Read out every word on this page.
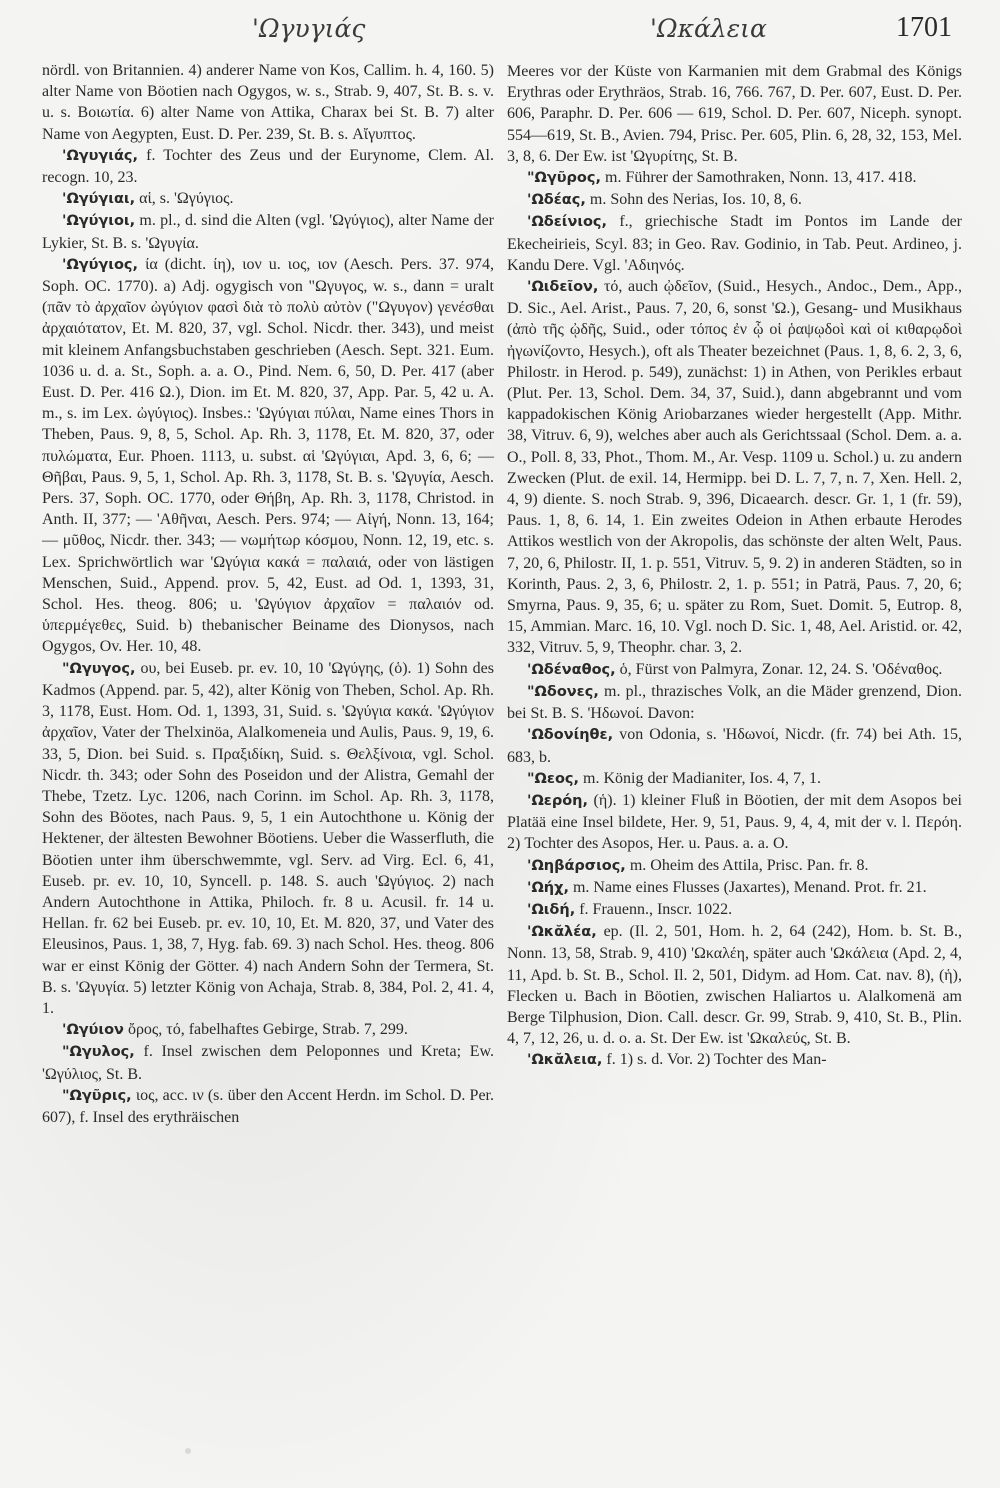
'Ωγυγιάς	'Ωκάλεια	1701

nördl. von Britannien. 4) anderer Name von Kos, Callim. h. 4, 160. 5) alter Name von Böotien nach Ogygos, w. s., Strab. 9, 407, St. B. s. v. u. s. Βοιωτία. 6) alter Name von Attika, Charax bei St. B. 7) alter Name von Aegypten, Eust. D. Per. 239, St. B. s. Αἴγυπτος.

'Ωγυγιάς, f. Tochter des Zeus und der Eurynome, Clem. Al. recogn. 10, 23.

'Ωγύγιαι, αἱ, s. 'Ωγύγιος.

'Ωγύγιοι, m. pl., d. sind die Alten (vgl. 'Ωγύγιος), alter Name der Lykier, St. B. s. 'Ωγυγία.

'Ωγύγιος, ία (dicht. ίη), ιον u. ιος, ιον (Aesch. Pers. 37. 974, Soph. OC. 1770). a) Adj. ogygisch von "Ωγυγος, w. s., dann = uralt (πᾶν τὸ ἀρχαῖον ὠγύγιον φασὶ διὰ τὸ πολὺ αὐτὸν ("Ωγυγον) γενέσθαι ἀρχαιότατον, Et. M. 820, 37, vgl. Schol. Nicdr. ther. 343), und meist mit kleinem Anfangsbuchstaben geschrieben (Aesch. Sept. 321. Eum. 1036 u. d. a. St., Soph. a. a. O., Pind. Nem. 6, 50, D. Per. 417 (aber Eust. D. Per. 416 Ω.), Dion. im Et. M. 820, 37, App. Par. 5, 42 u. A. m., s. im Lex. ὠγύγιος). Insbes.: 'Ωγύγιαι πύλαι, Name eines Thors in Theben, Paus. 9, 8, 5, Schol. Ap. Rh. 3, 1178, Et. M. 820, 37, oder πυλώματα, Eur. Phoen. 1113, u. subst. αἱ 'Ωγύγιαι, Apd. 3, 6, 6; — Θῆβαι, Paus. 9, 5, 1, Schol. Ap. Rh. 3, 1178, St. B. s. 'Ωγυγία, Aesch. Pers. 37, Soph. OC. 1770, oder Θήβη, Ap. Rh. 3, 1178, Christod. in Anth. II, 377; — 'Αθῆναι, Aesch. Pers. 974; — Αἰγή, Nonn. 13, 164; — μῦθος, Nicdr. ther. 343; — νωμήτωρ κόσμου, Nonn. 12, 19, etc. s. Lex. Sprichwörtlich war 'Ωγύγια κακά = παλαιά, oder von lästigen Menschen, Suid., Append. prov. 5, 42, Eust. ad Od. 1, 1393, 31, Schol. Hes. theog. 806; u. 'Ωγύγιον ἀρχαῖον = παλαιόν od. ὑπερμέγεθες, Suid. b) thebanischer Beiname des Dionysos, nach Ogygos, Ov. Her. 10, 48.

"Ωγυγος, ου, bei Euseb. pr. ev. 10, 10 'Ωγύγης, (ὁ). 1) Sohn des Kadmos (Append. par. 5, 42), alter König von Theben, Schol. Ap. Rh. 3, 1178, Eust. Hom. Od. 1, 1393, 31, Suid. s. 'Ωγύγια κακά. 'Ωγύγιον ἀρχαῖον, Vater der Thelxinöa, Alalkomeneia und Aulis, Paus. 9, 19, 6. 33, 5, Dion. bei Suid. s. Πραξιδίκη, Suid. s. Θελξίνοια, vgl. Schol. Nicdr. th. 343; oder Sohn des Poseidon und der Alistra, Gemahl der Thebe, Tzetz. Lyc. 1206, nach Corinn. im Schol. Ap. Rh. 3, 1178, Sohn des Böotes, nach Paus. 9, 5, 1 ein Autochthone u. König der Hektener, der ältesten Bewohner Böotiens. Ueber die Wasserfluth, die Böotien unter ihm überschwemmte, vgl. Serv. ad Virg. Ecl. 6, 41, Euseb. pr. ev. 10, 10, Syncell. p. 148. S. auch 'Ωγύγιος. 2) nach Andern Autochthone in Attika, Philoch. fr. 8 u. Acusil. fr. 14 u. Hellan. fr. 62 bei Euseb. pr. ev. 10, 10, Et. M. 820, 37, und Vater des Eleusinos, Paus. 1, 38, 7, Hyg. fab. 69. 3) nach Schol. Hes. theog. 806 war er einst König der Götter. 4) nach Andern Sohn der Termera, St. B. s. 'Ωγυγία. 5) letzter König von Achaja, Strab. 8, 384, Pol. 2, 41. 4, 1.

'Ωγύιον ὄρος, τό, fabelhaftes Gebirge, Strab. 7, 299.

"Ωγυλος, f. Insel zwischen dem Peloponnes und Kreta; Ew. 'Ωγύλιος, St. B.

"Ωγῦρις, ιος, acc. ιν (s. über den Accent Herdn. im Schol. D. Per. 607), f. Insel des erythräischen

Meeres vor der Küste von Karmanien mit dem Grabmal des Königs Erythras oder Erythräos, Strab. 16, 766. 767, D. Per. 607, Eust. D. Per. 606, Paraphr. D. Per. 606 — 619, Schol. D. Per. 607, Niceph. synopt. 554—619, St. B., Avien. 794, Prisc. Per. 605, Plin. 6, 28, 32, 153, Mel. 3, 8, 6. Der Ew. ist 'Ωγυρίτης, St. B.

"Ωγῦρος, m. Führer der Samothraken, Nonn. 13, 417. 418.

'Ωδέας, m. Sohn des Nerias, Ios. 10, 8, 6.

'Ωδείνιος, f., griechische Stadt im Pontos im Lande der Ekecheirieis, Scyl. 83; in Geo. Rav. Godinio, in Tab. Peut. Ardineo, j. Kandu Dere. Vgl. 'Αδιηνός.

'Ωιδεῖον, τό, auch ᾠδεῖον, (Suid., Hesych., Andoc., Dem., App., D. Sic., Ael. Arist., Paus. 7, 20, 6, sonst 'Ω.), Gesang- und Musikhaus (ἀπὸ τῆς ᾠδῆς, Suid., oder τόπος ἐν ᾧ οἱ ῥαψῳδοὶ καὶ οἱ κιθαρῳδοὶ ἠγωνίζοντο, Hesych.), oft als Theater bezeichnet (Paus. 1, 8, 6. 2, 3, 6, Philostr. in Herod. p. 549), zunächst: 1) in Athen, von Perikles erbaut (Plut. Per. 13, Schol. Dem. 34, 37, Suid.), dann abgebrannt und vom kappadokischen König Ariobarzanes wieder hergestellt (App. Mithr. 38, Vitruv. 6, 9), welches aber auch als Gerichtssaal (Schol. Dem. a. a. O., Poll. 8, 33, Phot., Thom. M., Ar. Vesp. 1109 u. Schol.) u. zu andern Zwecken (Plut. de exil. 14, Hermipp. bei D. L. 7, 7, n. 7, Xen. Hell. 2, 4, 9) diente. S. noch Strab. 9, 396, Dicaearch. descr. Gr. 1, 1 (fr. 59), Paus. 1, 8, 6. 14, 1. Ein zweites Odeion in Athen erbaute Herodes Attikos westlich von der Akropolis, das schönste der alten Welt, Paus. 7, 20, 6, Philostr. II, 1. p. 551, Vitruv. 5, 9. 2) in anderen Städten, so in Korinth, Paus. 2, 3, 6, Philostr. 2, 1. p. 551; in Paträ, Paus. 7, 20, 6; Smyrna, Paus. 9, 35, 6; u. später zu Rom, Suet. Domit. 5, Eutrop. 8, 15, Ammian. Marc. 16, 10. Vgl. noch D. Sic. 1, 48, Ael. Aristid. or. 42, 332, Vitruv. 5, 9, Theophr. char. 3, 2.

'Ωδέναθος, ὁ, Fürst von Palmyra, Zonar. 12, 24. S. 'Οδέναθος.

"Ωδονες, m. pl., thrazisches Volk, an die Mäder grenzend, Dion. bei St. B. S. 'Ηδωνοί. Davon:

'Ωδονίηθε, von Odonia, s. 'Ηδωνοί, Nicdr. (fr. 74) bei Ath. 15, 683, b.

"Ωεος, m. König der Madianiter, Ios. 4, 7, 1.

'Ωερόη, (ἡ). 1) kleiner Fluß in Böotien, der mit dem Asopos bei Platää eine Insel bildete, Her. 9, 51, Paus. 9, 4, 4, mit der v. l. Περόη. 2) Tochter des Asopos, Her. u. Paus. a. a. O.

'Ωηβάρσιος, m. Oheim des Attila, Prisc. Pan. fr. 8.

'Ωήχ, m. Name eines Flusses (Jaxartes), Menand. Prot. fr. 21.

'Ωιδή, f. Frauenn., Inscr. 1022.

'Ωκᾰλέα, ep. (Il. 2, 501, Hom. h. 2, 64 (242), Hom. b. St. B., Nonn. 13, 58, Strab. 9, 410) 'Ωκαλέη, später auch 'Ωκάλεια (Apd. 2, 4, 11, Apd. b. St. B., Schol. Il. 2, 501, Didym. ad Hom. Cat. nav. 8), (ἡ), Flecken u. Bach in Böotien, zwischen Haliartos u. Alalkomenä am Berge Tilphusion, Dion. Call. descr. Gr. 99, Strab. 9, 410, St. B., Plin. 4, 7, 12, 26, u. d. o. a. St. Der Ew. ist 'Ωκαλεύς, St. B.

'Ωκᾰλεια, f. 1) s. d. Vor. 2) Tochter des Man-
